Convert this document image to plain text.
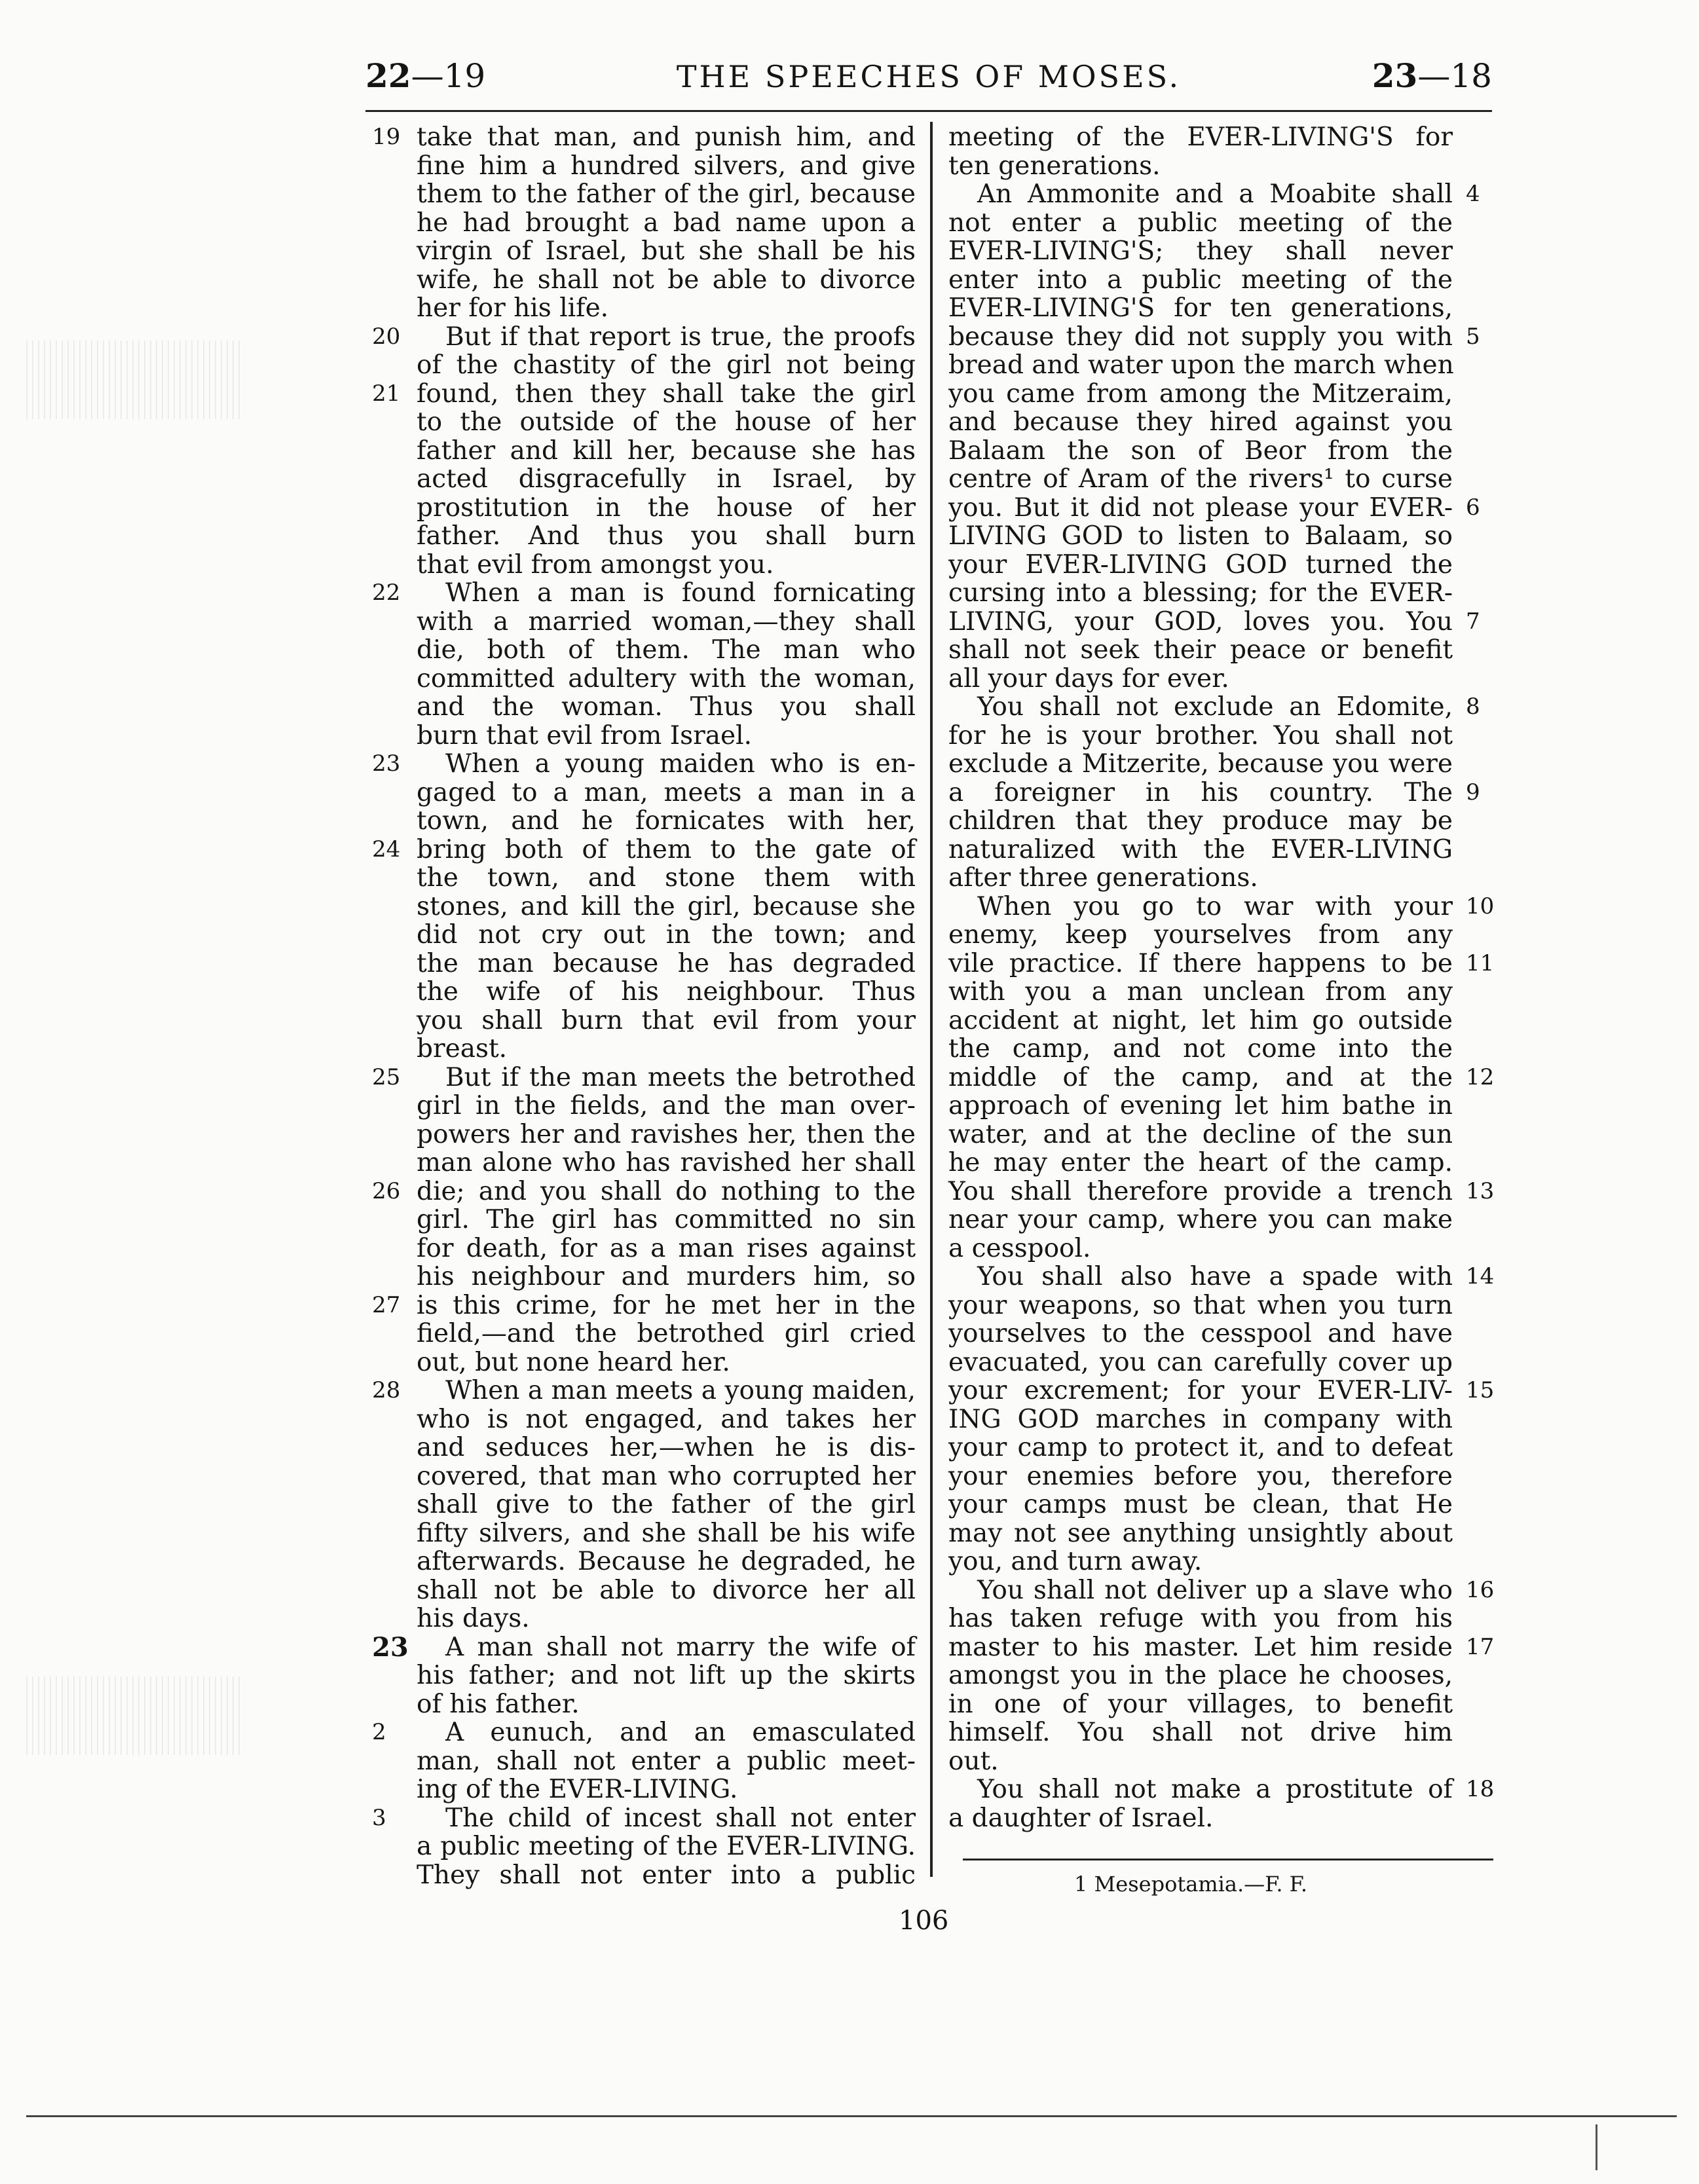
22—19	THE SPEECHES OF MOSES.	23—18
19 take that man, and punish him, and
fine him a hundred silvers, and give
them to the father of the girl, because
he had brought a bad name upon a
virgin of Israel, but she shall be his
wife, he shall not be able to divorce
her for his life.
20	But if that report is true, the proofs
of the chastity of the girl not being
21 found, then they shall take the girl
to the outside of the house of her
father and kill her, because she has
acted disgracefully in Israel, by
prostitution in the house of her
father. And thus you shall burn
that evil from amongst you.
22	When a man is found fornicating
with a married woman,—they shall
die, both of them. The man who
committed adultery with the woman,
and the woman. Thus you shall
burn that evil from Israel.
23	When a young maiden who is en-
gaged to a man, meets a man in a
town, and he fornicates with her,
24 bring both of them to the gate of
the town, and stone them with
stones, and kill the girl, because she
did not cry out in the town; and
the man because he has degraded
the wife of his neighbour. Thus
you shall burn that evil from your
breast.
25	But if the man meets the betrothed
girl in the fields, and the man over-
powers her and ravishes her, then the
man alone who has ravished her shall
26 die; and you shall do nothing to the
girl. The girl has committed no sin
for death, for as a man rises against
his neighbour and murders him, so
27 is this crime, for he met her in the
field,—and the betrothed girl cried
out, but none heard her.
28	When a man meets a young maiden,
who is not engaged, and takes her
and seduces her,—when he is dis-
covered, that man who corrupted her
shall give to the father of the girl
fifty silvers, and she shall be his wife
afterwards. Because he degraded, he
shall not be able to divorce her all
his days.
23	A man shall not marry the wife of
his father; and not lift up the skirts
of his father.
2	A eunuch, and an emasculated
man, shall not enter a public meet-
ing of the EVER-LIVING.
3	The child of incest shall not enter
a public meeting of the EVER-LIVING.
They shall not enter into a public
meeting of the EVER-LIVING'S for
ten generations.
4
An Ammonite and a Moabite shall
not enter a public meeting of the
EVER-LIVING'S; they shall never
enter into a public meeting of the
EVER-LIVING'S for ten generations,
5
because they did not supply you with
bread and water upon the march when
you came from among the Mitzeraim,
and because they hired against you
Balaam the son of Beor from the
centre of Aram of the rivers¹ to curse
6
you. But it did not please your EVER-
LIVING GOD to listen to Balaam, so
your EVER-LIVING GOD turned the
cursing into a blessing; for the EVER-
7
LIVING, your GOD, loves you. You
shall not seek their peace or benefit
all your days for ever.
8
You shall not exclude an Edomite,
for he is your brother. You shall not
exclude a Mitzerite, because you were
9
a foreigner in his country. The
children that they produce may be
naturalized with the EVER-LIVING
after three generations.
10
When you go to war with your
enemy, keep yourselves from any
11
vile practice. If there happens to be
with you a man unclean from any
accident at night, let him go outside
the camp, and not come into the
12
middle of the camp, and at the
approach of evening let him bathe in
water, and at the decline of the sun
he may enter the heart of the camp.
13
You shall therefore provide a trench
near your camp, where you can make
a cesspool.
14
You shall also have a spade with
your weapons, so that when you turn
yourselves to the cesspool and have
evacuated, you can carefully cover up
15
your excrement; for your EVER-LIV-
ING GOD marches in company with
your camp to protect it, and to defeat
your enemies before you, therefore
your camps must be clean, that He
may not see anything unsightly about
you, and turn away.
16
You shall not deliver up a slave who
has taken refuge with you from his
17
master to his master. Let him reside
amongst you in the place he chooses,
in one of your villages, to benefit
himself. You shall not drive him
out.
18
You shall not make a prostitute of
a daughter of Israel.
1 Mesepotamia.—F. F.
106
